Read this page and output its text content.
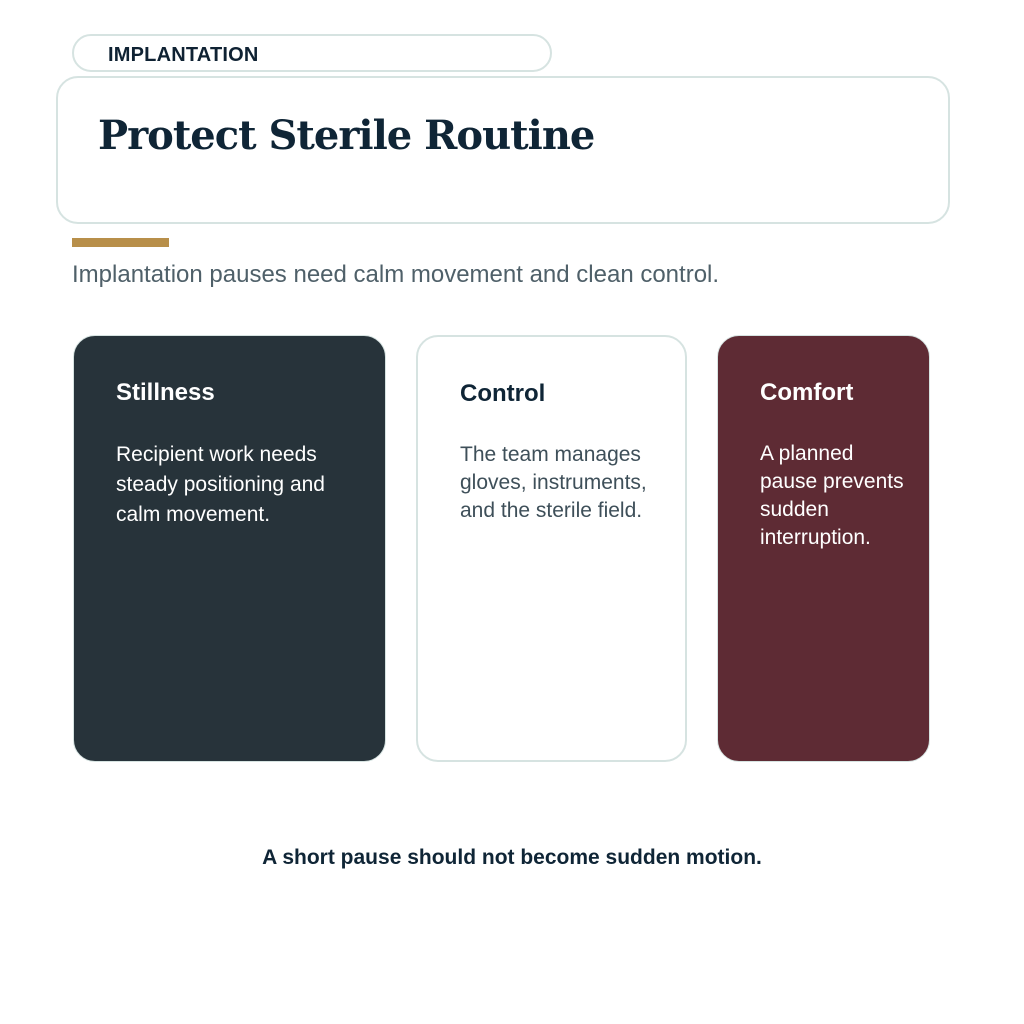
IMPLANTATION
Protect Sterile Routine

Implantation pauses need calm movement and clean control.

Stillness

Recipient work needs steady positioning and calm movement.

Control

The team manages gloves, instruments, and the sterile field.

Comfort

A planned pause prevents sudden interruption.

A short pause should not become sudden motion.
